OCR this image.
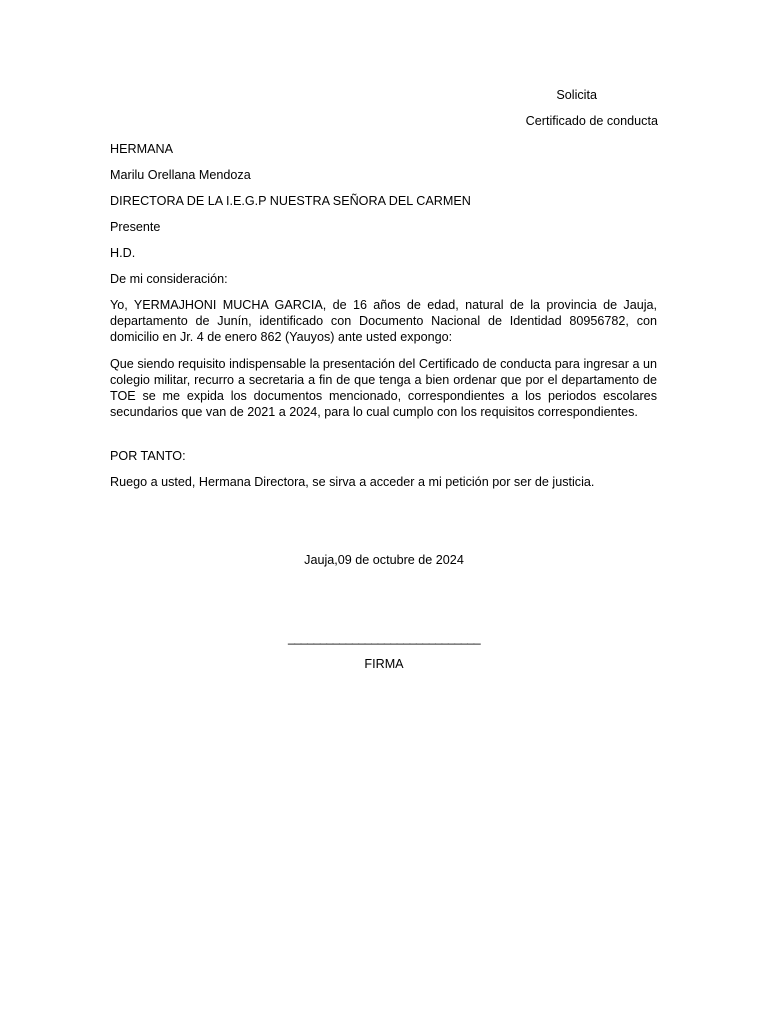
Solicita
Certificado de conducta
HERMANA
Marilu Orellana Mendoza
DIRECTORA DE LA I.E.G.P NUESTRA SEÑORA DEL CARMEN
Presente
H.D.
De mi consideración:
Yo, YERMAJHONI MUCHA GARCIA, de 16 años de edad, natural de la provincia de Jauja, departamento de Junín, identificado con Documento Nacional de Identidad 80956782, con domicilio en Jr. 4 de enero 862 (Yauyos) ante usted expongo:
Que siendo requisito indispensable la presentación del Certificado de conducta para ingresar a un colegio militar, recurro a secretaria a fin de que tenga a bien ordenar que por el departamento de TOE se me expida los documentos mencionado, correspondientes a los periodos escolares secundarios que van de 2021 a 2024, para lo cual cumplo con los requisitos correspondientes.
POR TANTO:
Ruego a usted, Hermana Directora, se sirva a acceder a mi petición por ser de justicia.
Jauja,09 de octubre de 2024
______________________________
FIRMA
